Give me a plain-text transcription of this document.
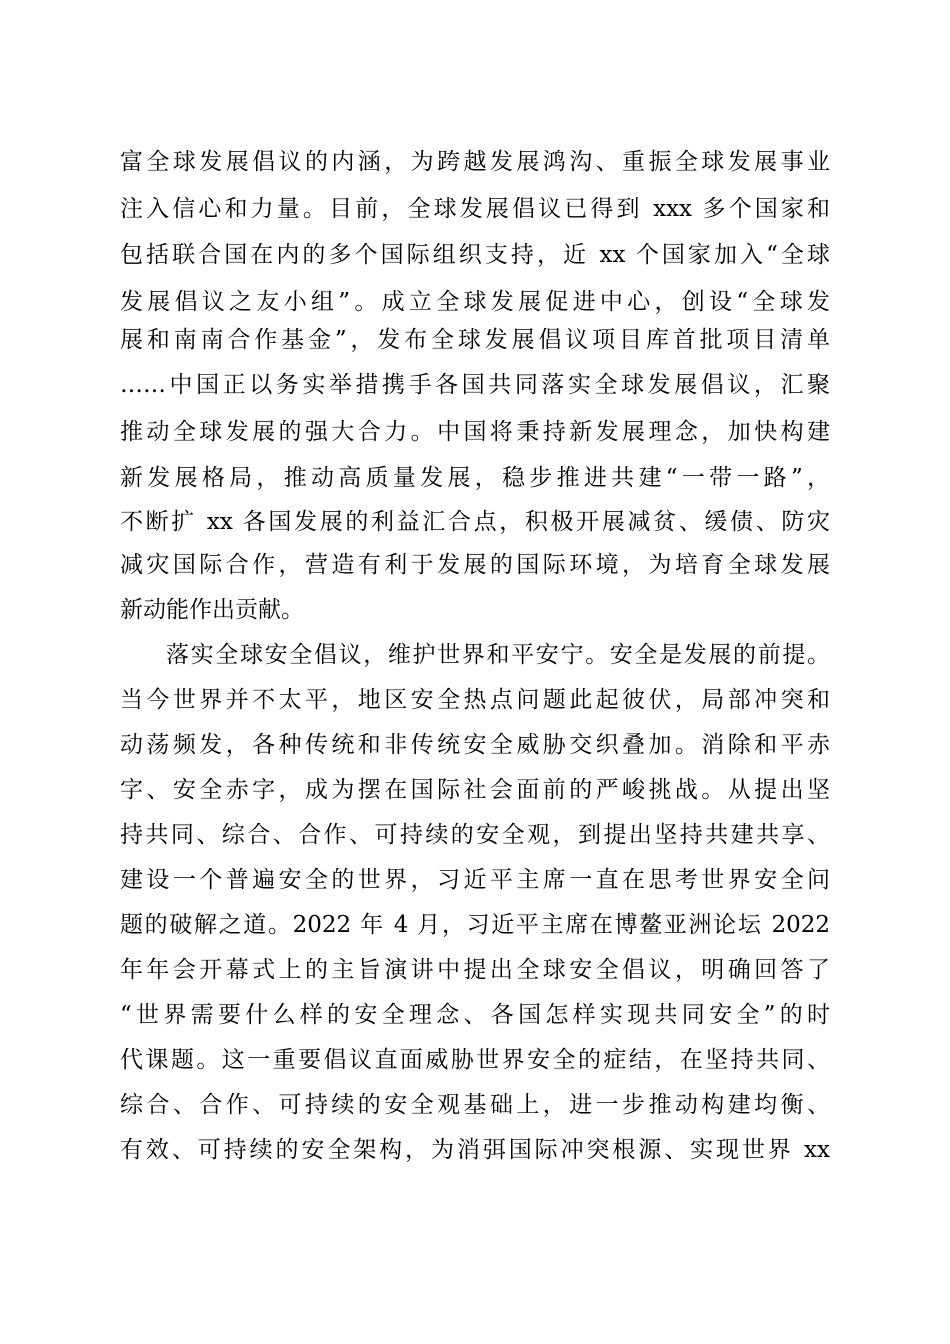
富全球发展倡议的内涵，为跨越发展鸿沟、重振全球发展事业
注入信心和力量。目前，全球发展倡议已得到 xxx 多个国家和
包括联合国在内的多个国际组织支持，近 xx 个国家加入“全球
发展倡议之友小组”。成立全球发展促进中心，创设“全球发
展和南南合作基金”，发布全球发展倡议项目库首批项目清单
……中国正以务实举措携手各国共同落实全球发展倡议，汇聚
推动全球发展的强大合力。中国将秉持新发展理念，加快构建
新发展格局，推动高质量发展，稳步推进共建“一带一路”，
不断扩 xx 各国发展的利益汇合点，积极开展减贫、缓债、防灾
减灾国际合作，营造有利于发展的国际环境，为培育全球发展
新动能作出贡献。
落实全球安全倡议，维护世界和平安宁。安全是发展的前提。
当今世界并不太平，地区安全热点问题此起彼伏，局部冲突和
动荡频发，各种传统和非传统安全威胁交织叠加。消除和平赤
字、安全赤字，成为摆在国际社会面前的严峻挑战。从提出坚
持共同、综合、合作、可持续的安全观，到提出坚持共建共享、
建设一个普遍安全的世界，习近平主席一直在思考世界安全问
题的破解之道。2022 年 4 月，习近平主席在博鳌亚洲论坛 2022
年年会开幕式上的主旨演讲中提出全球安全倡议，明确回答了
“世界需要什么样的安全理念、各国怎样实现共同安全”的时
代课题。这一重要倡议直面威胁世界安全的症结，在坚持共同、
综合、合作、可持续的安全观基础上，进一步推动构建均衡、
有效、可持续的安全架构，为消弭国际冲突根源、实现世界 xx
